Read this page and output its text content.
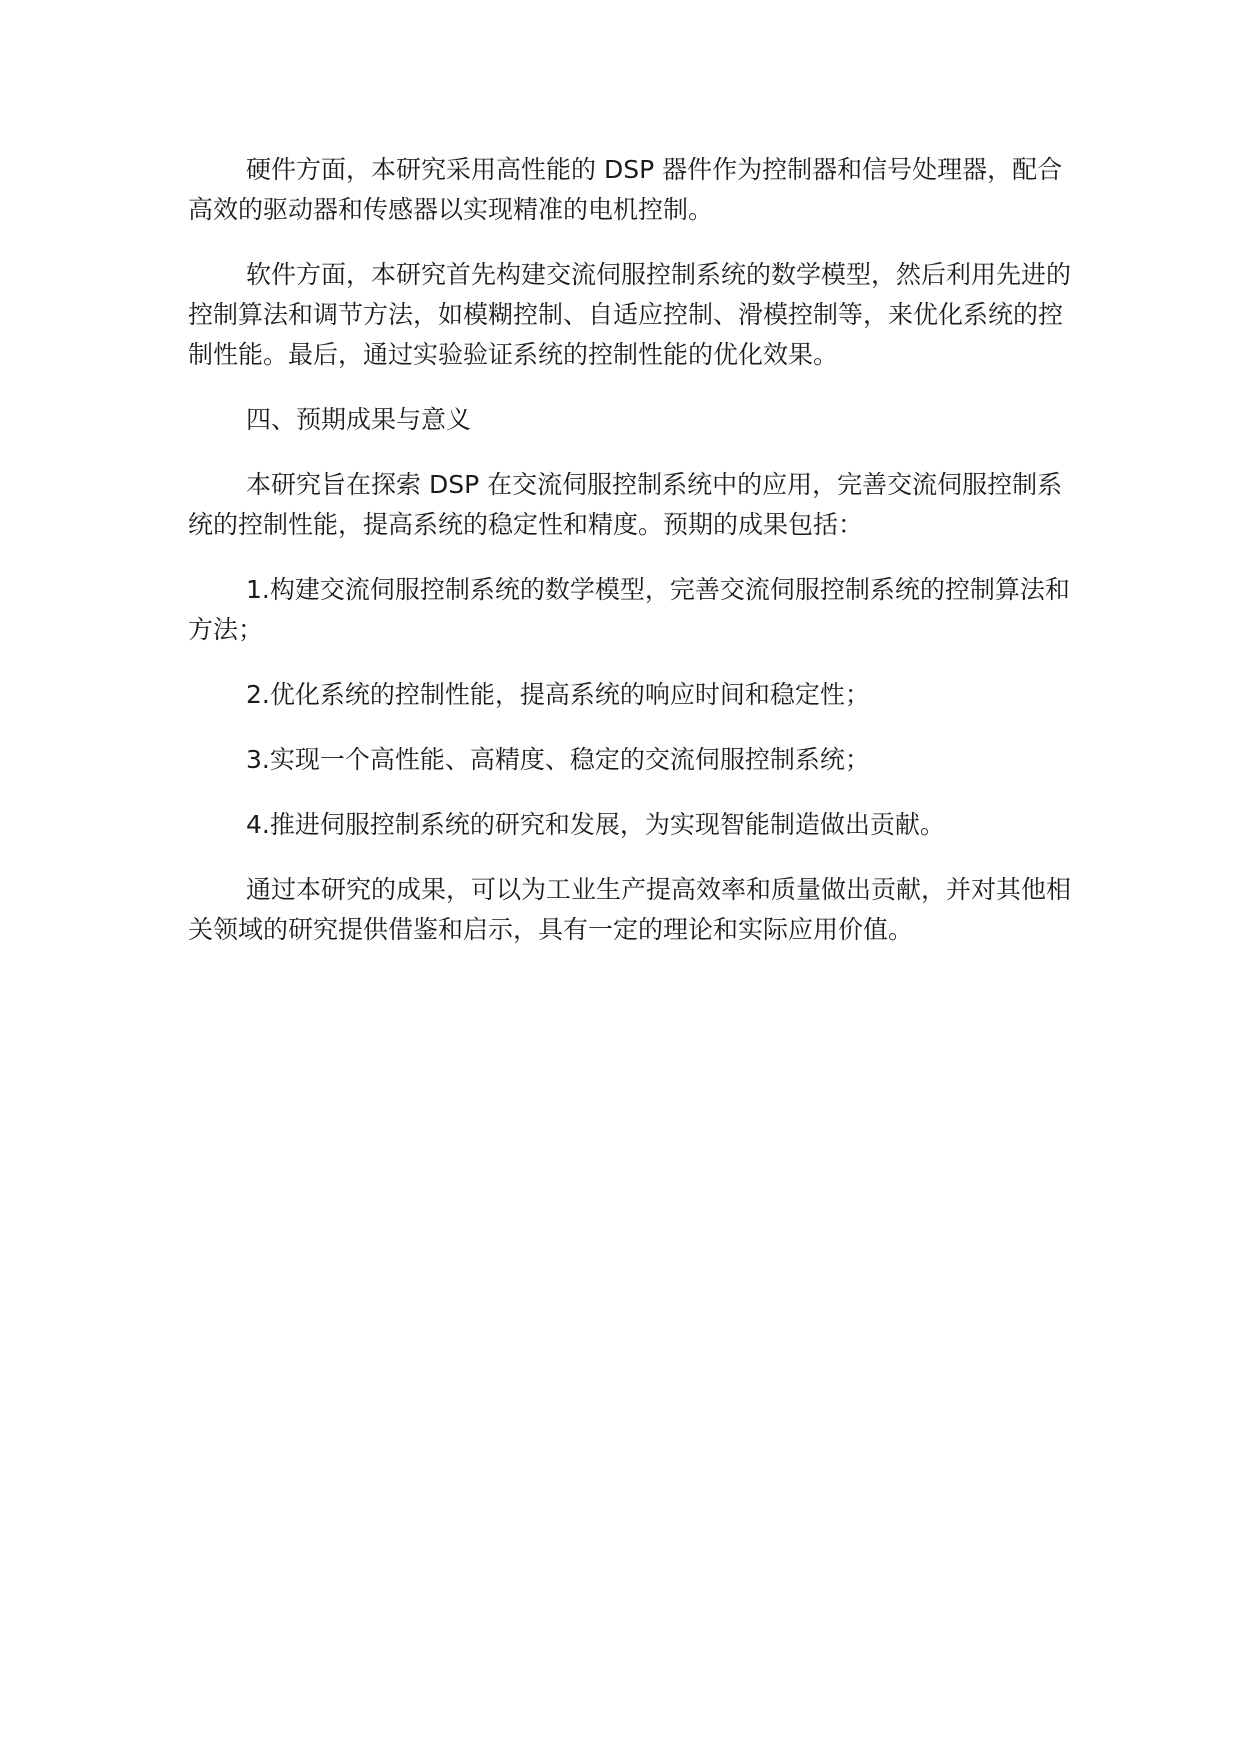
硬件方面，本研究采用高性能的 DSP 器件作为控制器和信号处理器，配合高效的驱动器和传感器以实现精准的电机控制。

软件方面，本研究首先构建交流伺服控制系统的数学模型，然后利用先进的控制算法和调节方法，如模糊控制、自适应控制、滑模控制等，来优化系统的控制性能。最后，通过实验验证系统的控制性能的优化效果。

四、预期成果与意义

本研究旨在探索 DSP 在交流伺服控制系统中的应用，完善交流伺服控制系统的控制性能，提高系统的稳定性和精度。预期的成果包括：

1.构建交流伺服控制系统的数学模型，完善交流伺服控制系统的控制算法和方法；

2.优化系统的控制性能，提高系统的响应时间和稳定性；

3.实现一个高性能、高精度、稳定的交流伺服控制系统；

4.推进伺服控制系统的研究和发展，为实现智能制造做出贡献。

通过本研究的成果，可以为工业生产提高效率和质量做出贡献，并对其他相关领域的研究提供借鉴和启示，具有一定的理论和实际应用价值。
